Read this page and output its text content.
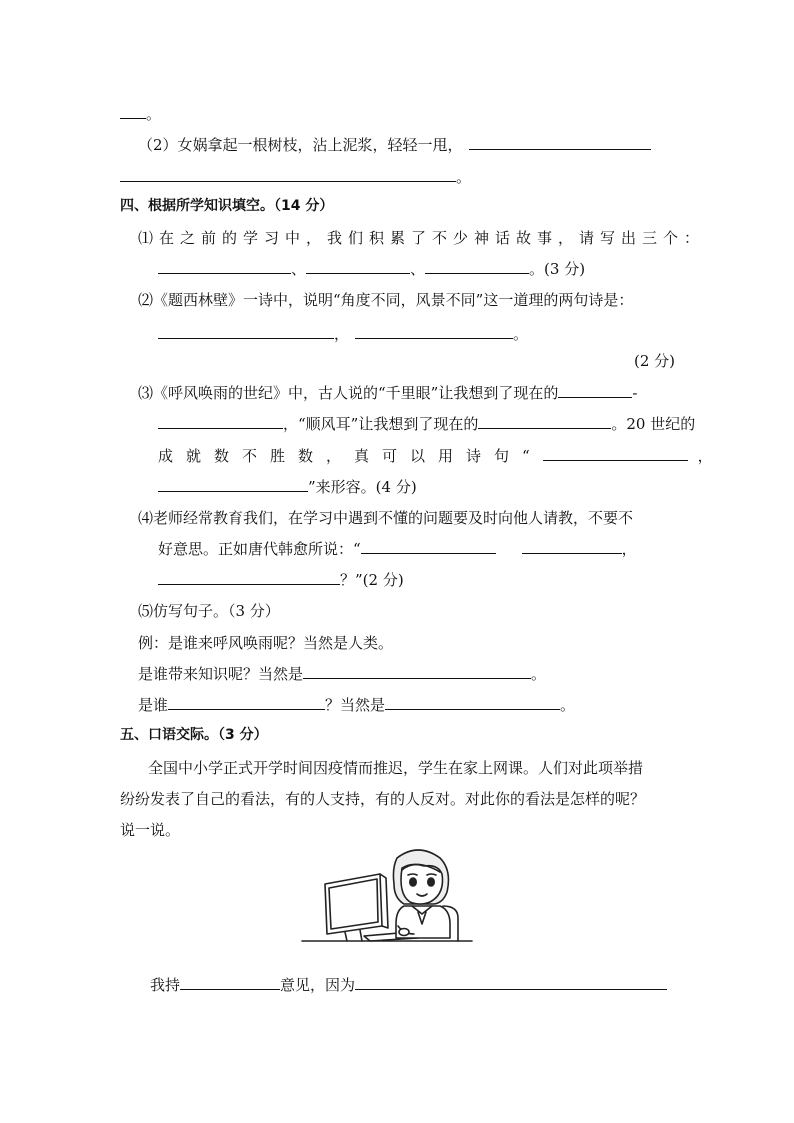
。
（2）女娲拿起一根树枝，沾上泥浆，轻轻一甩，
。
四、根据所学知识填空。（14 分）
⑴在之前的学习中，我们积累了不少神话故事，请写出三个：
、	、	。(3 分)
⑵《题西林壁》一诗中，说明“角度不同，风景不同”这一道理的两句诗是：
，	。
(2 分)
⑶《呼风唤雨的世纪》中，古人说的“千里眼”让我想到了现在的	-
，“顺风耳”让我想到了现在的	。20 世纪的
成就数不胜数，真可以用诗句“	，
”来形容。(4 分)
⑷老师经常教育我们，在学习中遇到不懂的问题要及时向他人请教，不要不
好意思。正如唐代韩愈所说：“	，
？”(2 分)
⑸仿写句子。（3 分）
例：是谁来呼风唤雨呢？当然是人类。
是谁带来知识呢？当然是	。
是谁	？当然是	。
五、口语交际。（3 分）
全国中小学正式开学时间因疫情而推迟，学生在家上网课。人们对此项举措
纷纷发表了自己的看法，有的人支持，有的人反对。对此你的看法是怎样的呢？
说一说。
我持	意见，因为
